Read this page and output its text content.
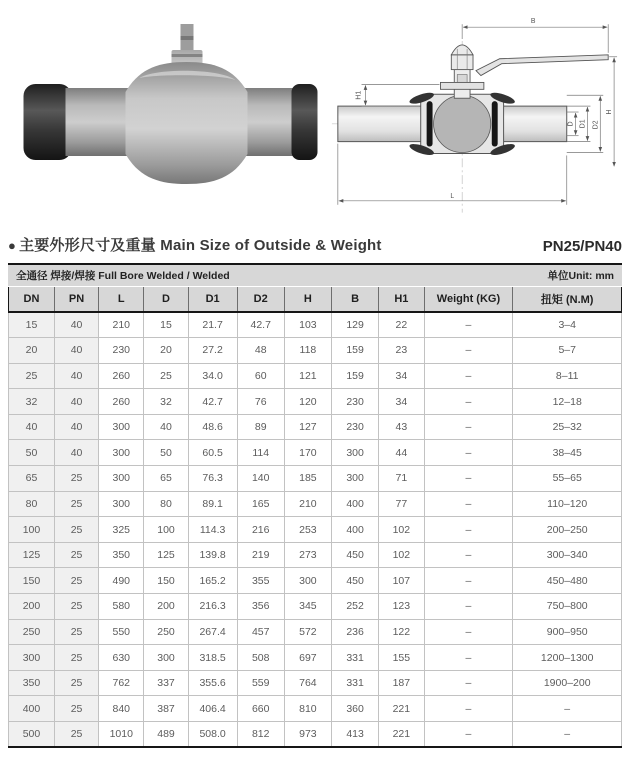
B
H
H1
D D1 D2
L
● 主要外形尺寸及重量 Main Size of Outside & Weight	PN25/PN40
全通径 焊接/焊接 Full Bore Welded / Welded	单位Unit: mm
DN	PN	L	D	D1	D2	H	B	H1	Weight (KG)	扭矩 (N.M)
15	40	210	15	21.7	42.7	103	129	22	–	3–4
20	40	230	20	27.2	48	118	159	23	–	5–7
25	40	260	25	34.0	60	121	159	34	–	8–11
32	40	260	32	42.7	76	120	230	34	–	12–18
40	40	300	40	48.6	89	127	230	43	–	25–32
50	40	300	50	60.5	114	170	300	44	–	38–45
65	25	300	65	76.3	140	185	300	71	–	55–65
80	25	300	80	89.1	165	210	400	77	–	110–120
100	25	325	100	114.3	216	253	400	102	–	200–250
125	25	350	125	139.8	219	273	450	102	–	300–340
150	25	490	150	165.2	355	300	450	107	–	450–480
200	25	580	200	216.3	356	345	252	123	–	750–800
250	25	550	250	267.4	457	572	236	122	–	900–950
300	25	630	300	318.5	508	697	331	155	–	1200–1300
350	25	762	337	355.6	559	764	331	187	–	1900–200
400	25	840	387	406.4	660	810	360	221	–	–
500	25	1010	489	508.0	812	973	413	221	–	–
